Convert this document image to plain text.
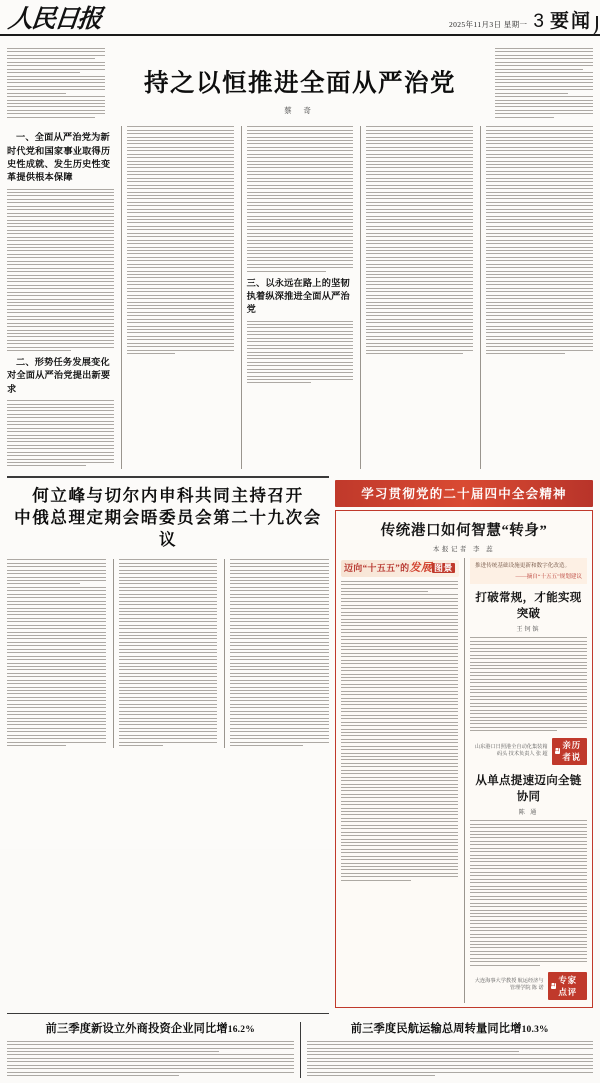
人民日报	2025年11月3日 星期一 3 要闻
持之以恒推进全面从严治党
蔡 奇
一、全面从严治党为新时代党和国家事业取得历史性成就、发生历史性变革提供根本保障
二、形势任务发展变化对全面从严治党提出新要求
三、以永远在路上的坚韧执着纵深推进全面从严治党
何立峰与切尔内申科共同主持召开
中俄总理定期会晤委员会第二十九次会议
学习贯彻党的二十届四中全会精神
传统港口如何智慧“转身”
本报记者 李 蕊
迈向“十五五”的发展 图景	推进传统基础设施更新和数字化改造。
——摘自“十五五”规划建议
打破常规，才能实现突破
王钶镔
山东港口日照港全自动化集装箱码头 技术负责人 张 超
口
亲历者说
从单点提速迈向全链协同
陈 通
大连海事大学教授 航运经济与管理学院 陈 诺
口
专家点评
前三季度新设立外商投资企业同比增16.2%	前三季度民航运输总周转量同比增10.3%
